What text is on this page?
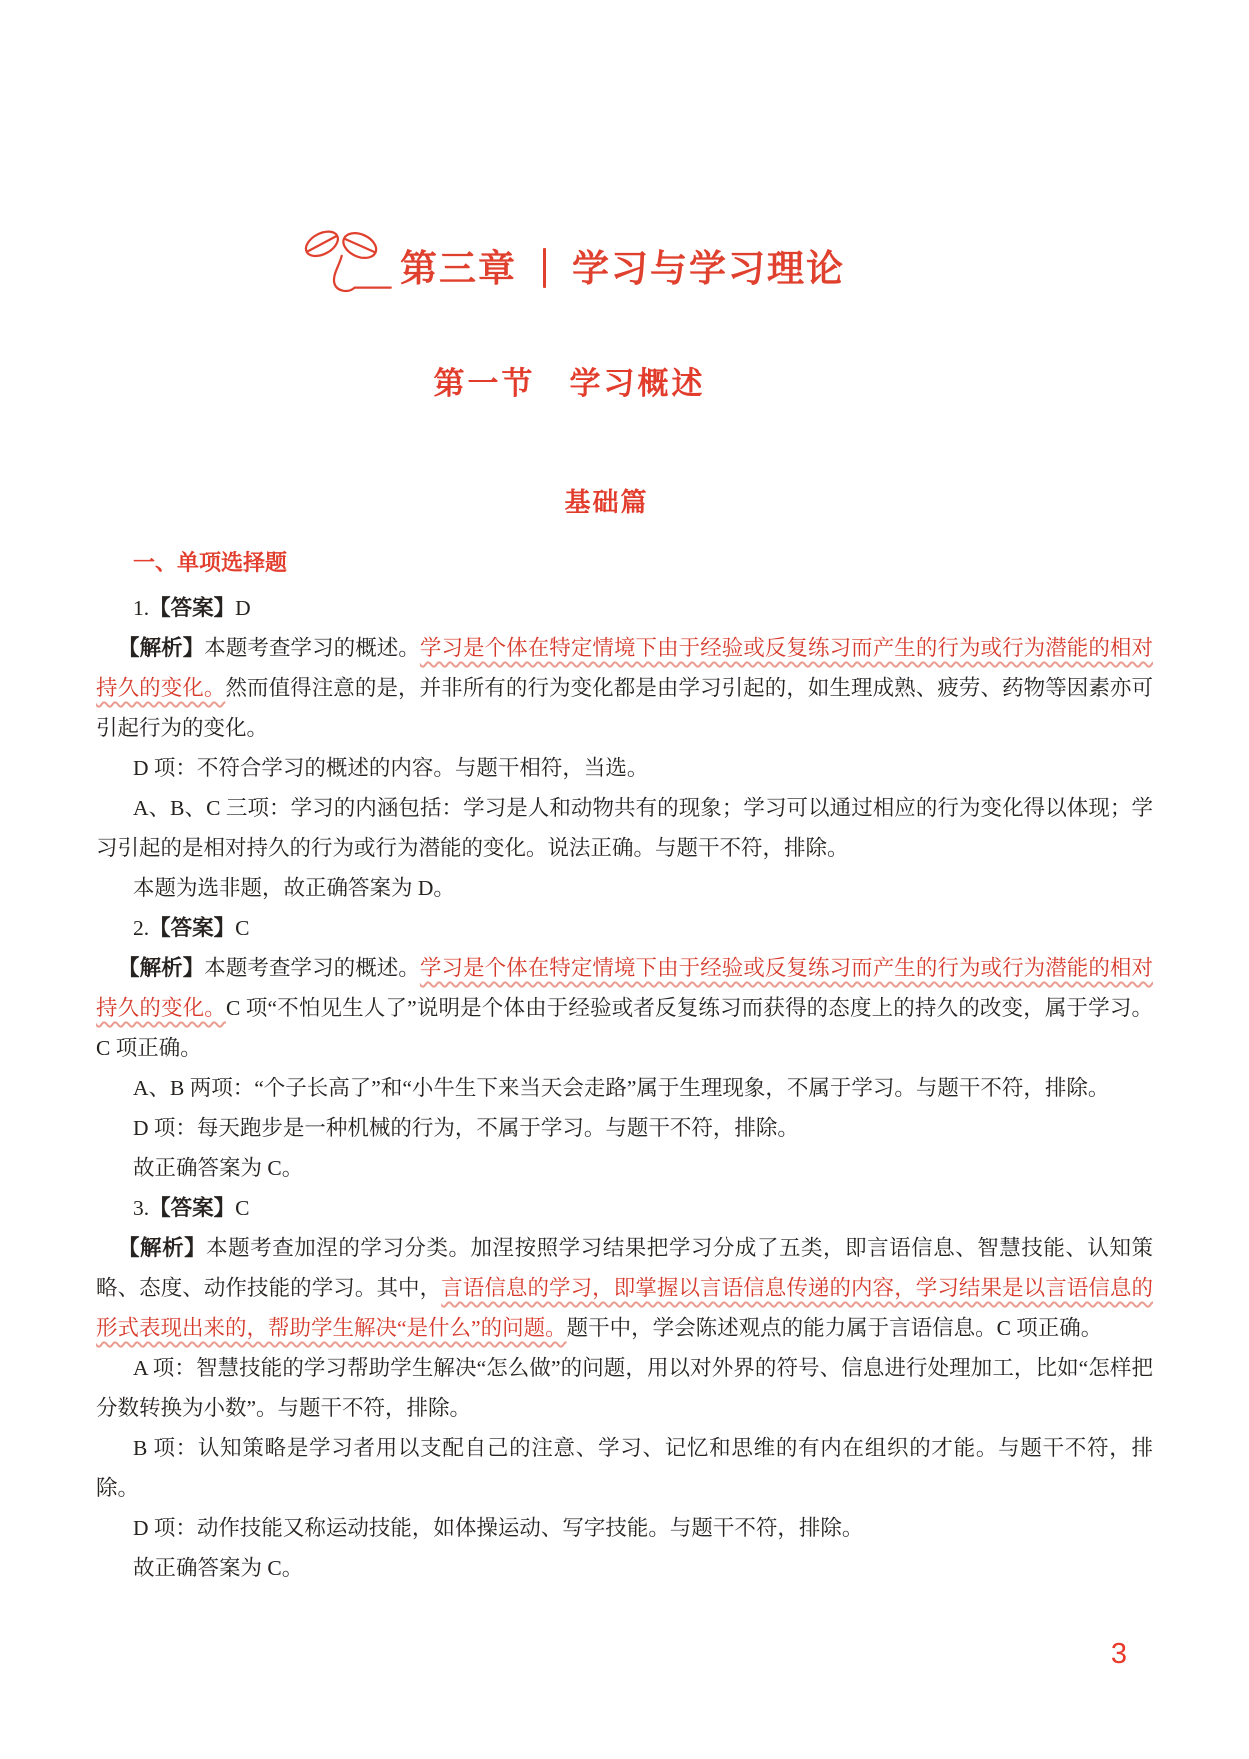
第三章 学习与学习理论
第一节　学习概述
基础篇
一、单项选择题
1.【答案】D

【解析】本题考查学习的概述。学习是个体在特定情境下由于经验或反复练习而产生的行为或行为潜能的相对持久的变化。然而值得注意的是，并非所有的行为变化都是由学习引起的，如生理成熟、疲劳、药物等因素亦可引起行为的变化。

D 项：不符合学习的概述的内容。与题干相符，当选。

A、B、C 三项：学习的内涵包括：学习是人和动物共有的现象；学习可以通过相应的行为变化得以体现；学习引起的是相对持久的行为或行为潜能的变化。说法正确。与题干不符，排除。

本题为选非题，故正确答案为 D。

2.【答案】C

【解析】本题考查学习的概述。学习是个体在特定情境下由于经验或反复练习而产生的行为或行为潜能的相对持久的变化。C 项“不怕见生人了”说明是个体由于经验或者反复练习而获得的态度上的持久的改变，属于学习。C 项正确。

A、B 两项：“个子长高了”和“小牛生下来当天会走路”属于生理现象，不属于学习。与题干不符，排除。

D 项：每天跑步是一种机械的行为，不属于学习。与题干不符，排除。

故正确答案为 C。

3.【答案】C

【解析】本题考查加涅的学习分类。加涅按照学习结果把学习分成了五类，即言语信息、智慧技能、认知策略、态度、动作技能的学习。其中，言语信息的学习，即掌握以言语信息传递的内容，学习结果是以言语信息的形式表现出来的，帮助学生解决“是什么”的问题。题干中，学会陈述观点的能力属于言语信息。C 项正确。

A 项：智慧技能的学习帮助学生解决“怎么做”的问题，用以对外界的符号、信息进行处理加工，比如“怎样把分数转换为小数”。与题干不符，排除。

B 项：认知策略是学习者用以支配自己的注意、学习、记忆和思维的有内在组织的才能。与题干不符，排除。

D 项：动作技能又称运动技能，如体操运动、写字技能。与题干不符，排除。

故正确答案为 C。

3
